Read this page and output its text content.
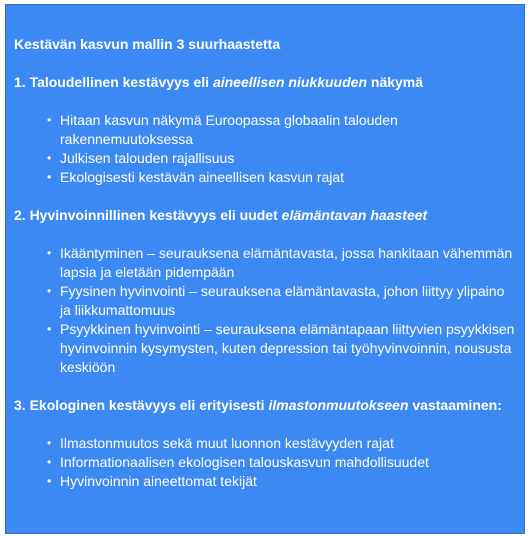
Kestävän kasvun mallin 3 suurhaastetta
1. Taloudellinen kestävyys eli aineellisen niukkuuden näkymä
• Hitaan kasvun näkymä Euroopassa globaalin talouden rakennemuutoksessa
• Julkisen talouden rajallisuus
• Ekologisesti kestävän aineellisen kasvun rajat
2. Hyvinvoinnillinen kestävyys eli uudet elämäntavan haasteet
• Ikääntyminen – seurauksena elämäntavasta, jossa hankitaan vähemmän lapsia ja eletään pidempään
• Fyysinen hyvinvointi – seurauksena elämäntavasta, johon liittyy ylipaino ja liikkumattomuus
• Psyykkinen hyvinvointi – seurauksena elämäntapaan liittyvien psyykkisen hyvinvoinnin kysymysten, kuten depression tai työhyvinvoinnin, noususta keskiöön
3. Ekologinen kestävyys eli erityisesti ilmastonmuutokseen vastaaminen:
• Ilmastonmuutos sekä muut luonnon kestävyyden rajat
• Informationaalisen ekologisen talouskasvun mahdollisuudet
• Hyvinvoinnin aineettomat tekijät
